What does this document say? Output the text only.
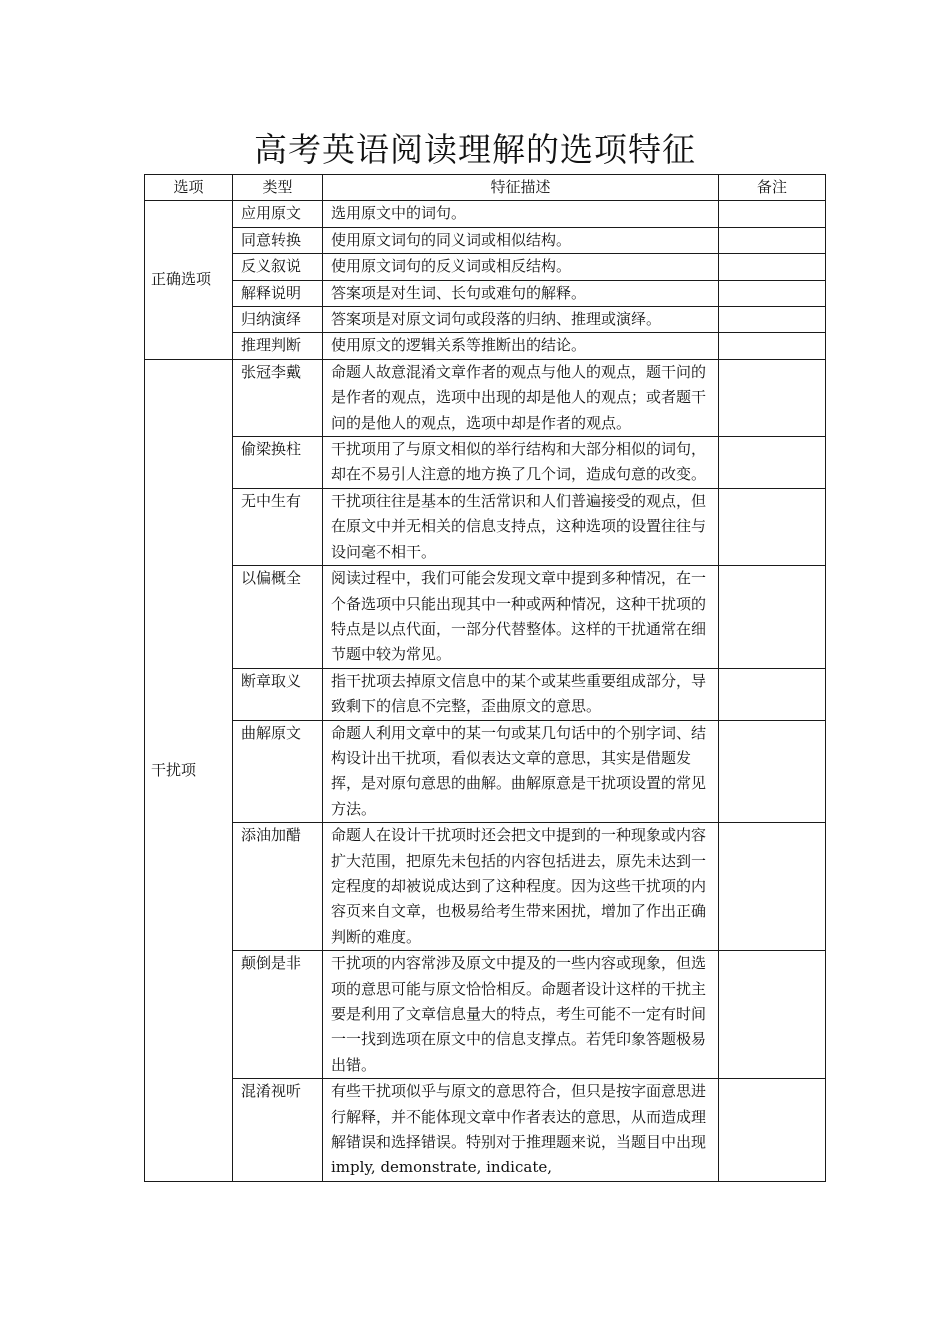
高考英语阅读理解的选项特征
选项	类型	特征描述	备注
正确选项	应用原文	选用原文中的词句。	
	同意转换	使用原文词句的同义词或相似结构。	
	反义叙说	使用原文词句的反义词或相反结构。	
	解释说明	答案项是对生词、长句或难句的解释。	
	归纳演绎	答案项是对原文词句或段落的归纳、推理或演绎。	
	推理判断	使用原文的逻辑关系等推断出的结论。	
干扰项	张冠李戴	命题人故意混淆文章作者的观点与他人的观点，题干问的是作者的观点，选项中出现的却是他人的观点；或者题干问的是他人的观点，选项中却是作者的观点。	
	偷梁换柱	干扰项用了与原文相似的举行结构和大部分相似的词句，　却在不易引人注意的地方换了几个词，造成句意的改变。	
	无中生有	干扰项往往是基本的生活常识和人们普遍接受的观点，但在原文中并无相关的信息支持点，这种选项的设置往往与设问毫不相干。	
	以偏概全	阅读过程中，我们可能会发现文章中提到多种情况，在一个备选项中只能出现其中一种或两种情况，这种干扰项的特点是以点代面，一部分代替整体。这样的干扰通常在细节题中较为常见。	
	断章取义	指干扰项去掉原文信息中的某个或某些重要组成部分，导致剩下的信息不完整，歪曲原文的意思。	
	曲解原文	命题人利用文章中的某一句或某几句话中的个别字词、结构设计出干扰项，看似表达文章的意思，其实是借题发挥，是对原句意思的曲解。曲解原意是干扰项设置的常见方法。	
	添油加醋	命题人在设计干扰项时还会把文中提到的一种现象或内容扩大范围，把原先未包括的内容包括进去，原先未达到一定程度的却被说成达到了这种程度。因为这些干扰项的内容页来自文章，也极易给考生带来困扰，增加了作出正确判断的难度。	
	颠倒是非	干扰项的内容常涉及原文中提及的一些内容或现象，但选项的意思可能与原文恰恰相反。命题者设计这样的干扰主要是利用了文章信息量大的特点，考生可能不一定有时间一一找到选项在原文中的信息支撑点。若凭印象答题极易出错。	
	混淆视听	有些干扰项似乎与原文的意思符合，但只是按字面意思进行解释，并不能体现文章中作者表达的意思，从而造成理解错误和选择错误。特别对于推理题来说，当题目中出现 imply, demonstrate, indicate,	
